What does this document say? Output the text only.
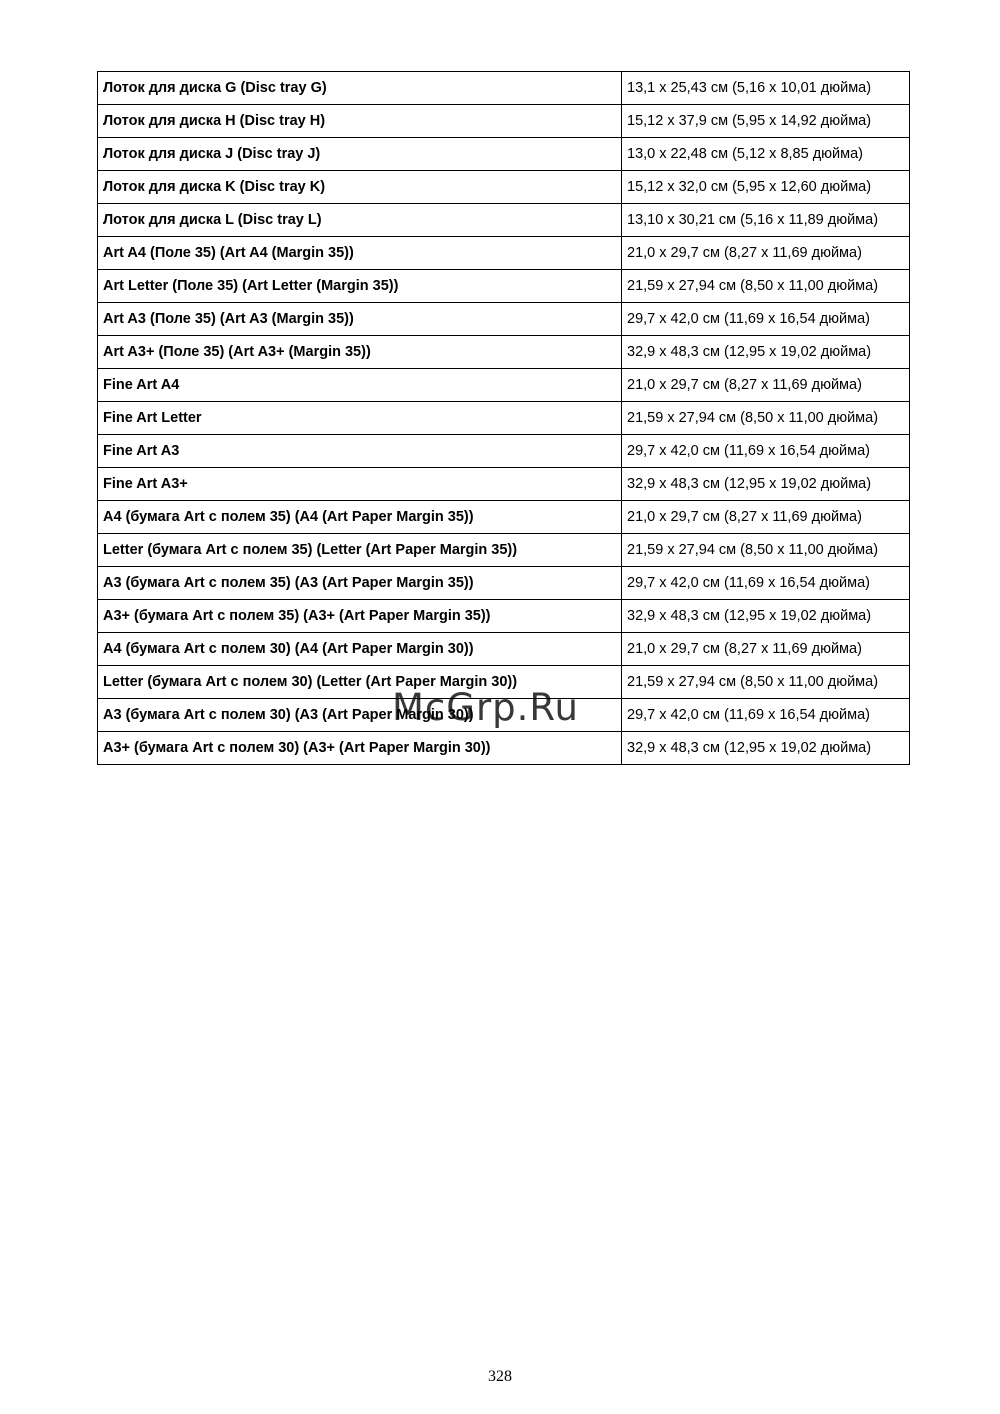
Лоток для диска G (Disc tray G)	13,1 x 25,43 см (5,16 x 10,01 дюйма)
Лоток для диска H (Disc tray H)	15,12 x 37,9 см (5,95 x 14,92 дюйма)
Лоток для диска J (Disc tray J)	13,0 x 22,48 см (5,12 x 8,85 дюйма)
Лоток для диска K (Disc tray K)	15,12 x 32,0 см (5,95 x 12,60 дюйма)
Лоток для диска L (Disc tray L)	13,10 x 30,21 см (5,16 x 11,89 дюйма)
Art A4 (Поле 35) (Art A4 (Margin 35))	21,0 x 29,7 см (8,27 x 11,69 дюйма)
Art Letter (Поле 35) (Art Letter (Margin 35))	21,59 x 27,94 см (8,50 x 11,00 дюйма)
Art A3 (Поле 35) (Art A3 (Margin 35))	29,7 x 42,0 см (11,69 x 16,54 дюйма)
Art A3+ (Поле 35) (Art A3+ (Margin 35))	32,9 x 48,3 см (12,95 x 19,02 дюйма)
Fine Art A4	21,0 x 29,7 см (8,27 x 11,69 дюйма)
Fine Art Letter	21,59 x 27,94 см (8,50 x 11,00 дюйма)
Fine Art A3	29,7 x 42,0 см (11,69 x 16,54 дюйма)
Fine Art A3+	32,9 x 48,3 см (12,95 x 19,02 дюйма)
A4 (бумага Art с полем 35) (A4 (Art Paper Margin 35))	21,0 x 29,7 см (8,27 x 11,69 дюйма)
Letter (бумага Art с полем 35) (Letter (Art Paper Margin 35))	21,59 x 27,94 см (8,50 x 11,00 дюйма)
A3 (бумага Art с полем 35) (A3 (Art Paper Margin 35))	29,7 x 42,0 см (11,69 x 16,54 дюйма)
A3+ (бумага Art с полем 35) (A3+ (Art Paper Margin 35))	32,9 x 48,3 см (12,95 x 19,02 дюйма)
A4 (бумага Art с полем 30) (A4 (Art Paper Margin 30))	21,0 x 29,7 см (8,27 x 11,69 дюйма)
Letter (бумага Art с полем 30) (Letter (Art Paper Margin 30))	21,59 x 27,94 см (8,50 x 11,00 дюйма)
A3 (бумага Art с полем 30) (A3 (Art Paper Margin 30))	29,7 x 42,0 см (11,69 x 16,54 дюйма)
A3+ (бумага Art с полем 30) (A3+ (Art Paper Margin 30))	32,9 x 48,3 см (12,95 x 19,02 дюйма)
McGrp.Ru
328
